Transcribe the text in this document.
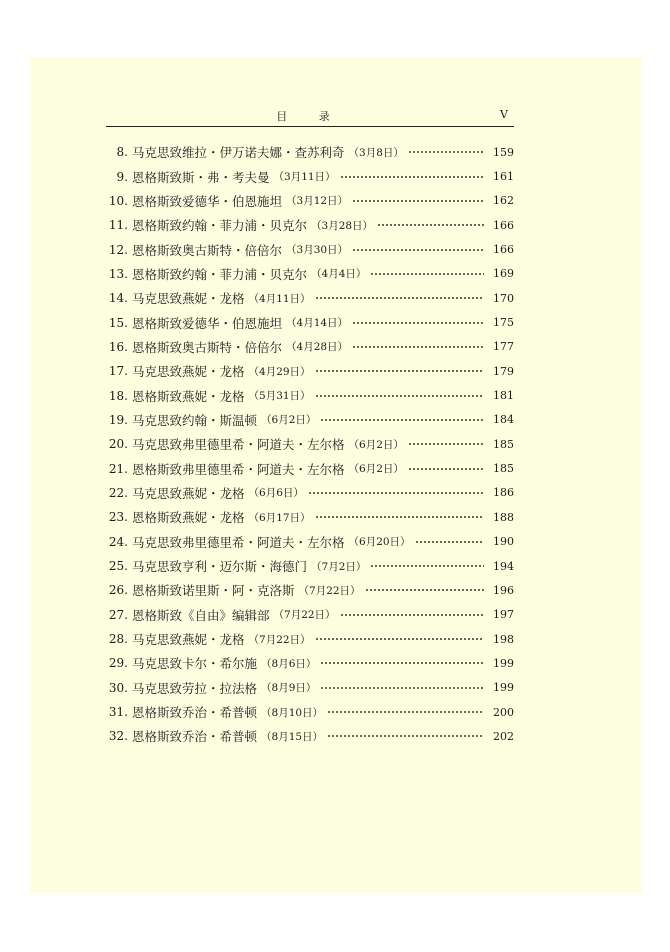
目 录	V
8. 马克思致维拉・伊万诺夫娜・查苏利奇 （3月8日）	159
9. 恩格斯致斯・弗・考夫曼 （3月11日）	161
10. 恩格斯致爱德华・伯恩施坦 （3月12日）	162
11. 恩格斯致约翰・菲力浦・贝克尔 （3月28日）	166
12. 恩格斯致奥古斯特・倍倍尔 （3月30日）	166
13. 恩格斯致约翰・菲力浦・贝克尔 （4月4日）	169
14. 马克思致燕妮・龙格 （4月11日）	170
15. 恩格斯致爱德华・伯恩施坦 （4月14日）	175
16. 恩格斯致奥古斯特・倍倍尔 （4月28日）	177
17. 马克思致燕妮・龙格 （4月29日）	179
18. 恩格斯致燕妮・龙格 （5月31日）	181
19. 马克思致约翰・斯温顿 （6月2日）	184
20. 马克思致弗里德里希・阿道夫・左尔格 （6月2日）	185
21. 恩格斯致弗里德里希・阿道夫・左尔格 （6月2日）	185
22. 马克思致燕妮・龙格 （6月6日）	186
23. 恩格斯致燕妮・龙格 （6月17日）	188
24. 马克思致弗里德里希・阿道夫・左尔格 （6月20日）	190
25. 马克思致亨利・迈尔斯・海德门 （7月2日）	194
26. 恩格斯致诺里斯・阿・克洛斯 （7月22日）	196
27. 恩格斯致《自由》编辑部 （7月22日）	197
28. 马克思致燕妮・龙格 （7月22日）	198
29. 马克思致卡尔・希尔施 （8月6日）	199
30. 马克思致劳拉・拉法格 （8月9日）	199
31. 恩格斯致乔治・希普顿 （8月10日）	200
32. 恩格斯致乔治・希普顿 （8月15日）	202
